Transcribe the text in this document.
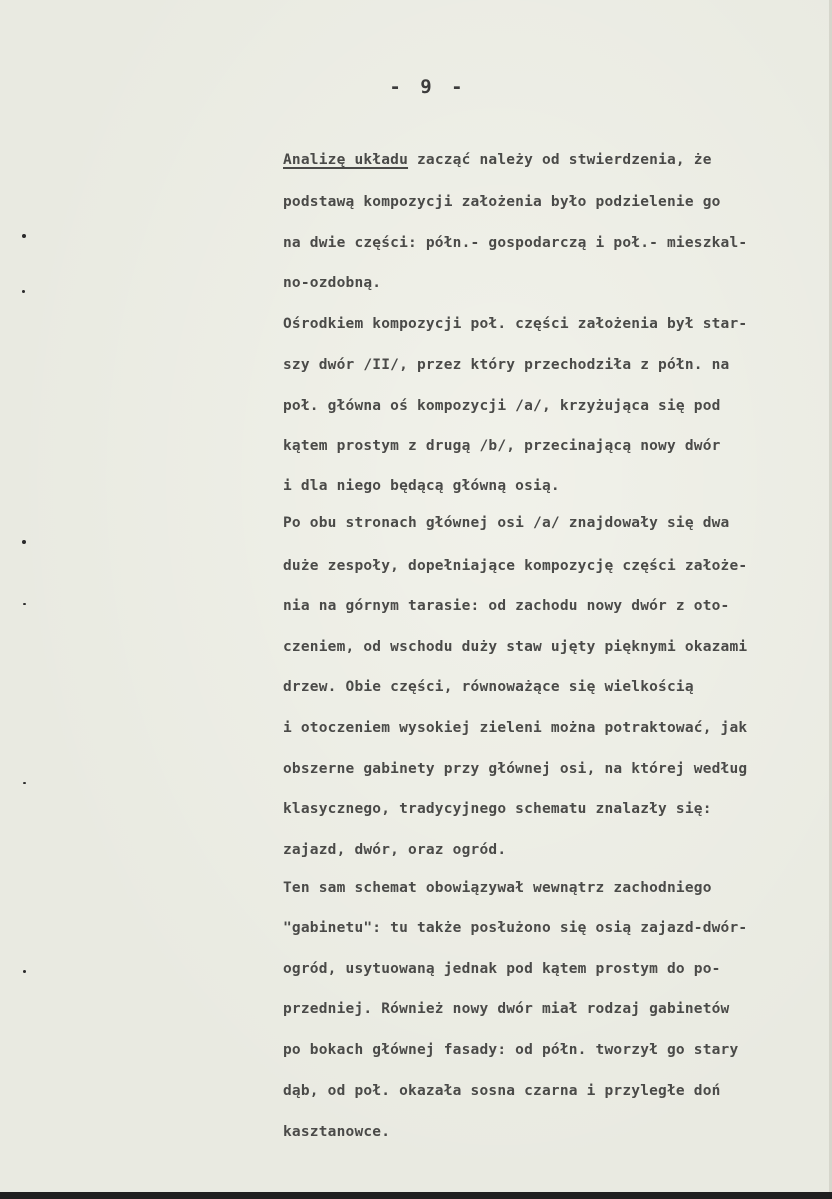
- 9 -
Analizę układu zacząć należy od stwierdzenia, że
podstawą kompozycji założenia było podzielenie go
na dwie części: półn.- gospodarczą i poł.- mieszkal-
no-ozdobną.
Ośrodkiem kompozycji poł. części założenia był star-
szy dwór /II/, przez który przechodziła z półn. na
poł. główna oś kompozycji /a/, krzyżująca się pod
kątem prostym z drugą /b/, przecinającą nowy dwór
i dla niego będącą główną osią.
Po obu stronach głównej osi /a/ znajdowały się dwa
duże zespoły, dopełniające kompozycję części założe-
nia na górnym tarasie: od zachodu nowy dwór z oto-
czeniem, od wschodu duży staw ujęty pięknymi okazami
drzew. Obie części, równoważące się wielkością
i otoczeniem wysokiej zieleni można potraktować, jak
obszerne gabinety przy głównej osi, na której według
klasycznego, tradycyjnego schematu znalazły się:
zajazd, dwór, oraz ogród.
Ten sam schemat obowiązywał wewnątrz zachodniego
"gabinetu": tu także posłużono się osią zajazd-dwór-
ogród, usytuowaną jednak pod kątem prostym do po-
przedniej. Również nowy dwór miał rodzaj gabinetów
po bokach głównej fasady: od półn. tworzył go stary
dąb, od poł. okazała sosna czarna i przyległe doń
kasztanowce.
